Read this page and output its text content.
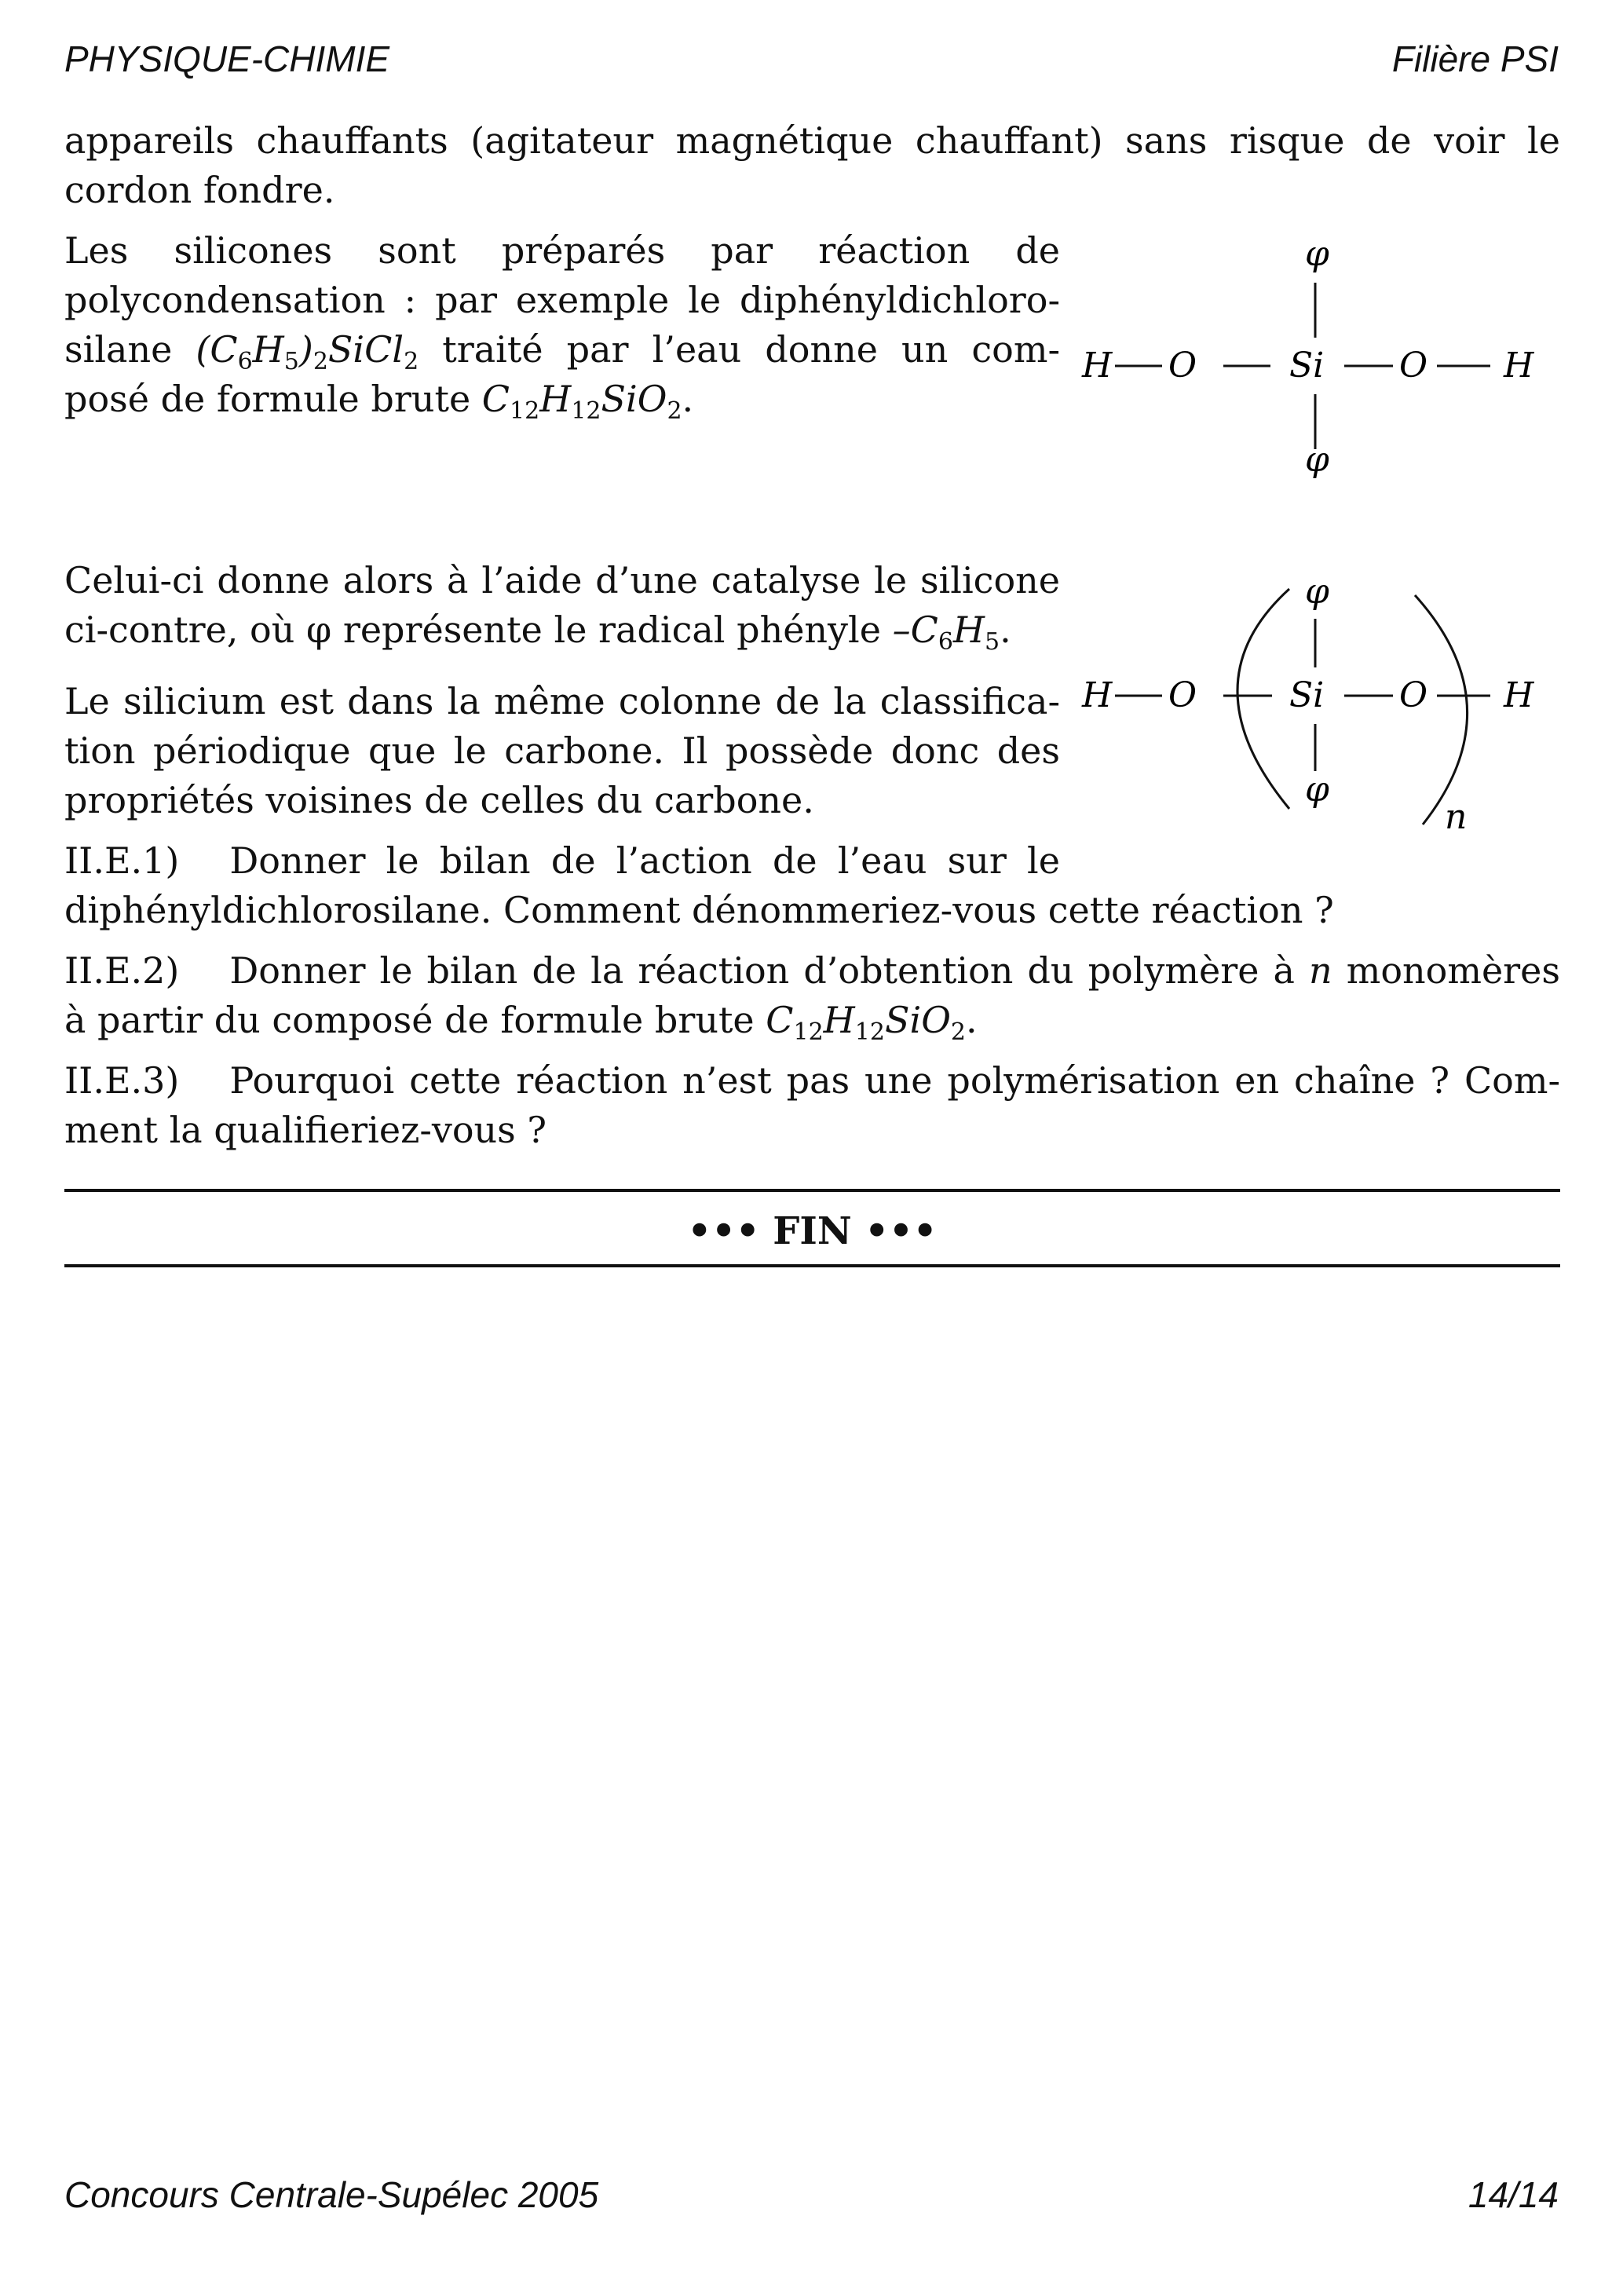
PHYSIQUE-CHIMIE	Filière PSI

appareils chauffants (agitateur magnétique chauffant) sans risque de voir le

cordon fondre.

Les silicones sont préparés par réaction de

polycondensation : par exemple le diphényldichloro-

silane $(C_6H_5)_2SiCl_2$ traité par l’eau donne un com-

posé de formule brute $C_{12}H_{12}SiO_2$.

φ
H O	Si O H
φ

Celui-ci donne alors à l’aide d’une catalyse le silicone

ci-contre, où φ représente le radical phényle $-C_6H_5$.

Le silicium est dans la même colonne de la classifica-

tion périodique que le carbone. Il possède donc des

propriétés voisines de celles du carbone.

φ
H O	Si O H
φ
n

II.E.1) Donner le bilan de l’action de l’eau sur le

diphényldichlorosilane. Comment dénommeriez-vous cette réaction ?

II.E.2) Donner le bilan de la réaction d’obtention du polymère à n monomères

à partir du composé de formule brute $C_{12}H_{12}SiO_2$.

II.E.3) Pourquoi cette réaction n’est pas une polymérisation en chaîne ? Com-

ment la qualifieriez-vous ?

••• FIN •••
Concours Centrale-Supélec 2005	14/14
